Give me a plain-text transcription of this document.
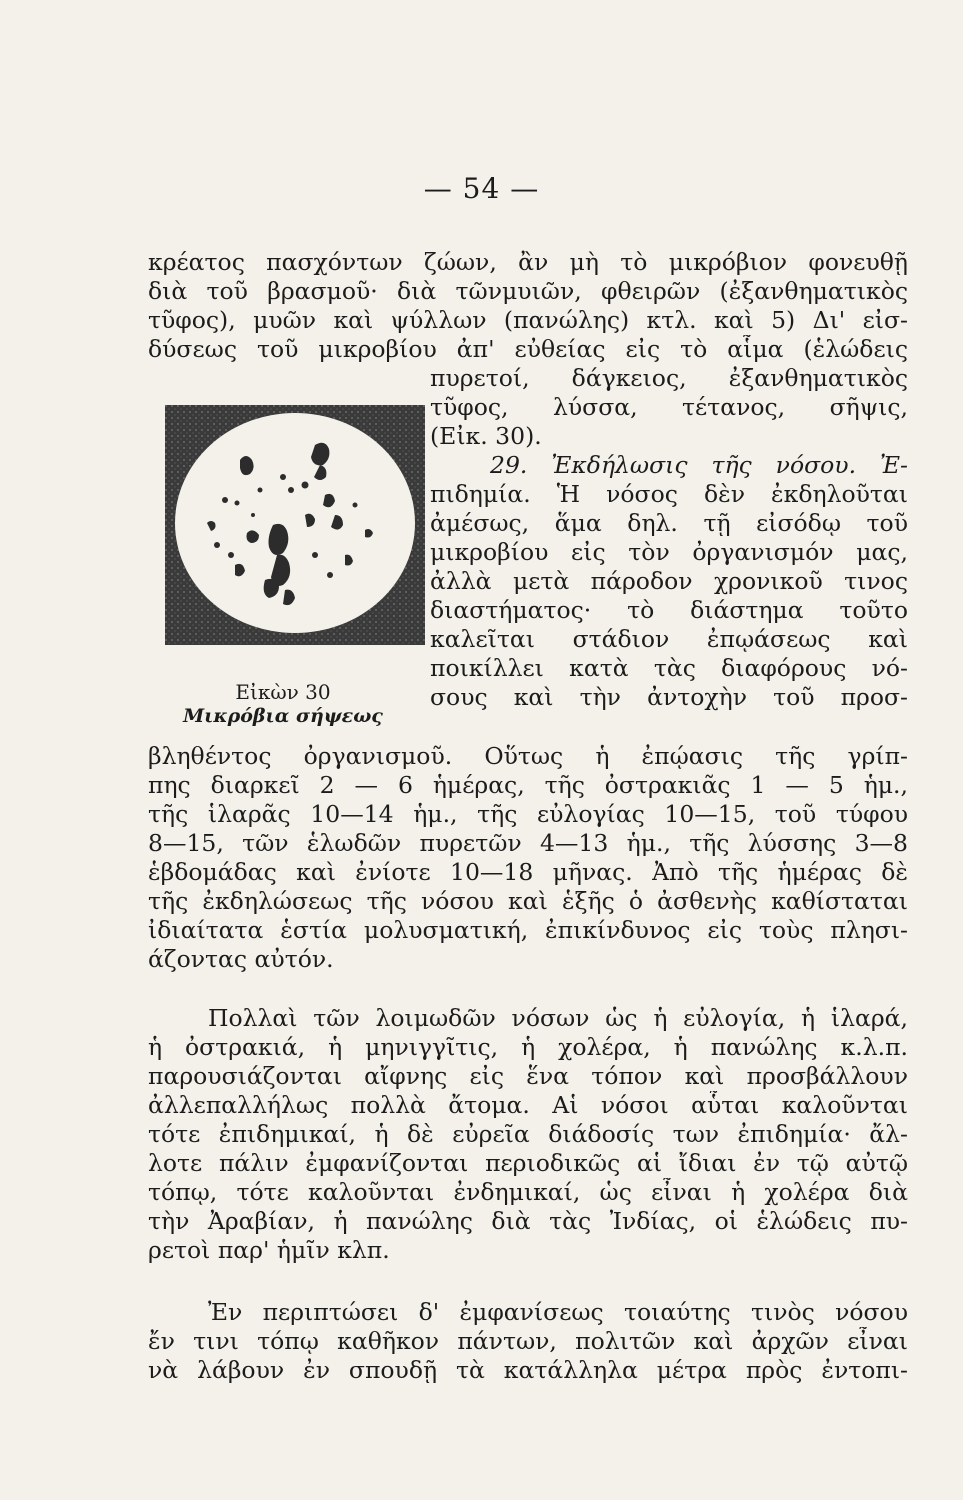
— 54 —
κρέατος πασχόντων ζώων, ἂν μὴ τὸ μικρόβιον φονευθῇ
διὰ τοῦ βρασμοῦ· διὰ τῶνμυιῶν, φθειρῶν (ἐξανθηματικὸς
τῦφος), μυῶν καὶ ψύλλων (πανώλης) κτλ. καὶ 5) Δι' εἰσ-
δύσεως τοῦ μικροβίου ἀπ' εὐθείας εἰς τὸ αἷμα (ἑλώδεις
πυρετοί, δάγκειος, ἐξανθηματικὸς
τῦφος, λύσσα, τέτανος, σῆψις,
(Εἰκ. 30).
29. Ἐκδήλωσις τῆς νόσου. Ἐ-
πιδημία. Ἡ νόσος δὲν ἐκδηλοῦται
ἀμέσως, ἅμα δηλ. τῇ εἰσόδῳ τοῦ
μικροβίου εἰς τὸν ὀργανισμόν μας,
ἀλλὰ μετὰ πάροδον χρονικοῦ τινος
διαστήματος· τὸ διάστημα τοῦτο
καλεῖται στάδιον ἐπῳάσεως καὶ
ποικίλλει κατὰ τὰς διαφόρους νό-
σους καὶ τὴν ἀντοχὴν τοῦ προσ-
Εἰκὼν 30
Μικρόβια σήψεως
βληθέντος ὀργανισμοῦ. Οὕτως ἡ ἐπῴασις τῆς γρίπ-
πης διαρκεῖ 2 — 6 ἡμέρας, τῆς ὀστρακιᾶς 1 — 5 ἡμ.,
τῆς ἱλαρᾶς 10—14 ἡμ., τῆς εὐλογίας 10—15, τοῦ τύφου
8—15, τῶν ἑλωδῶν πυρετῶν 4—13 ἡμ., τῆς λύσσης 3—8
ἑβδομάδας καὶ ἐνίοτε 10—18 μῆνας. Ἀπὸ τῆς ἡμέρας δὲ
τῆς ἐκδηλώσεως τῆς νόσου καὶ ἑξῆς ὁ ἀσθενὴς καθίσταται
ἰδιαίτατα ἑστία μολυσματική, ἐπικίνδυνος εἰς τοὺς πλησι-
άζοντας αὐτόν.
Πολλαὶ τῶν λοιμωδῶν νόσων ὡς ἡ εὐλογία, ἡ ἱλαρά,
ἡ ὀστρακιά, ἡ μηνιγγῖτις, ἡ χολέρα, ἡ πανώλης κ.λ.π.
παρουσιάζονται αἴφνης εἰς ἕνα τόπον καὶ προσβάλλουν
ἀλλεπαλλήλως πολλὰ ἄτομα. Αἱ νόσοι αὗται καλοῦνται
τότε ἐπιδημικαί, ἡ δὲ εὐρεῖα διάδοσίς των ἐπιδημία· ἄλ-
λοτε πάλιν ἐμφανίζονται περιοδικῶς αἱ ἴδιαι ἐν τῷ αὐτῷ
τόπῳ, τότε καλοῦνται ἐνδημικαί, ὡς εἶναι ἡ χολέρα διὰ
τὴν Ἀραβίαν, ἡ πανώλης διὰ τὰς Ἰνδίας, οἱ ἑλώδεις πυ-
ρετοὶ παρ' ἡμῖν κλπ.
Ἐν περιπτώσει δ' ἐμφανίσεως τοιαύτης τινὸς νόσου
ἔν τινι τόπῳ καθῆκον πάντων, πολιτῶν καὶ ἀρχῶν εἶναι
νὰ λάβουν ἐν σπουδῇ τὰ κατάλληλα μέτρα πρὸς ἐντοπι-
